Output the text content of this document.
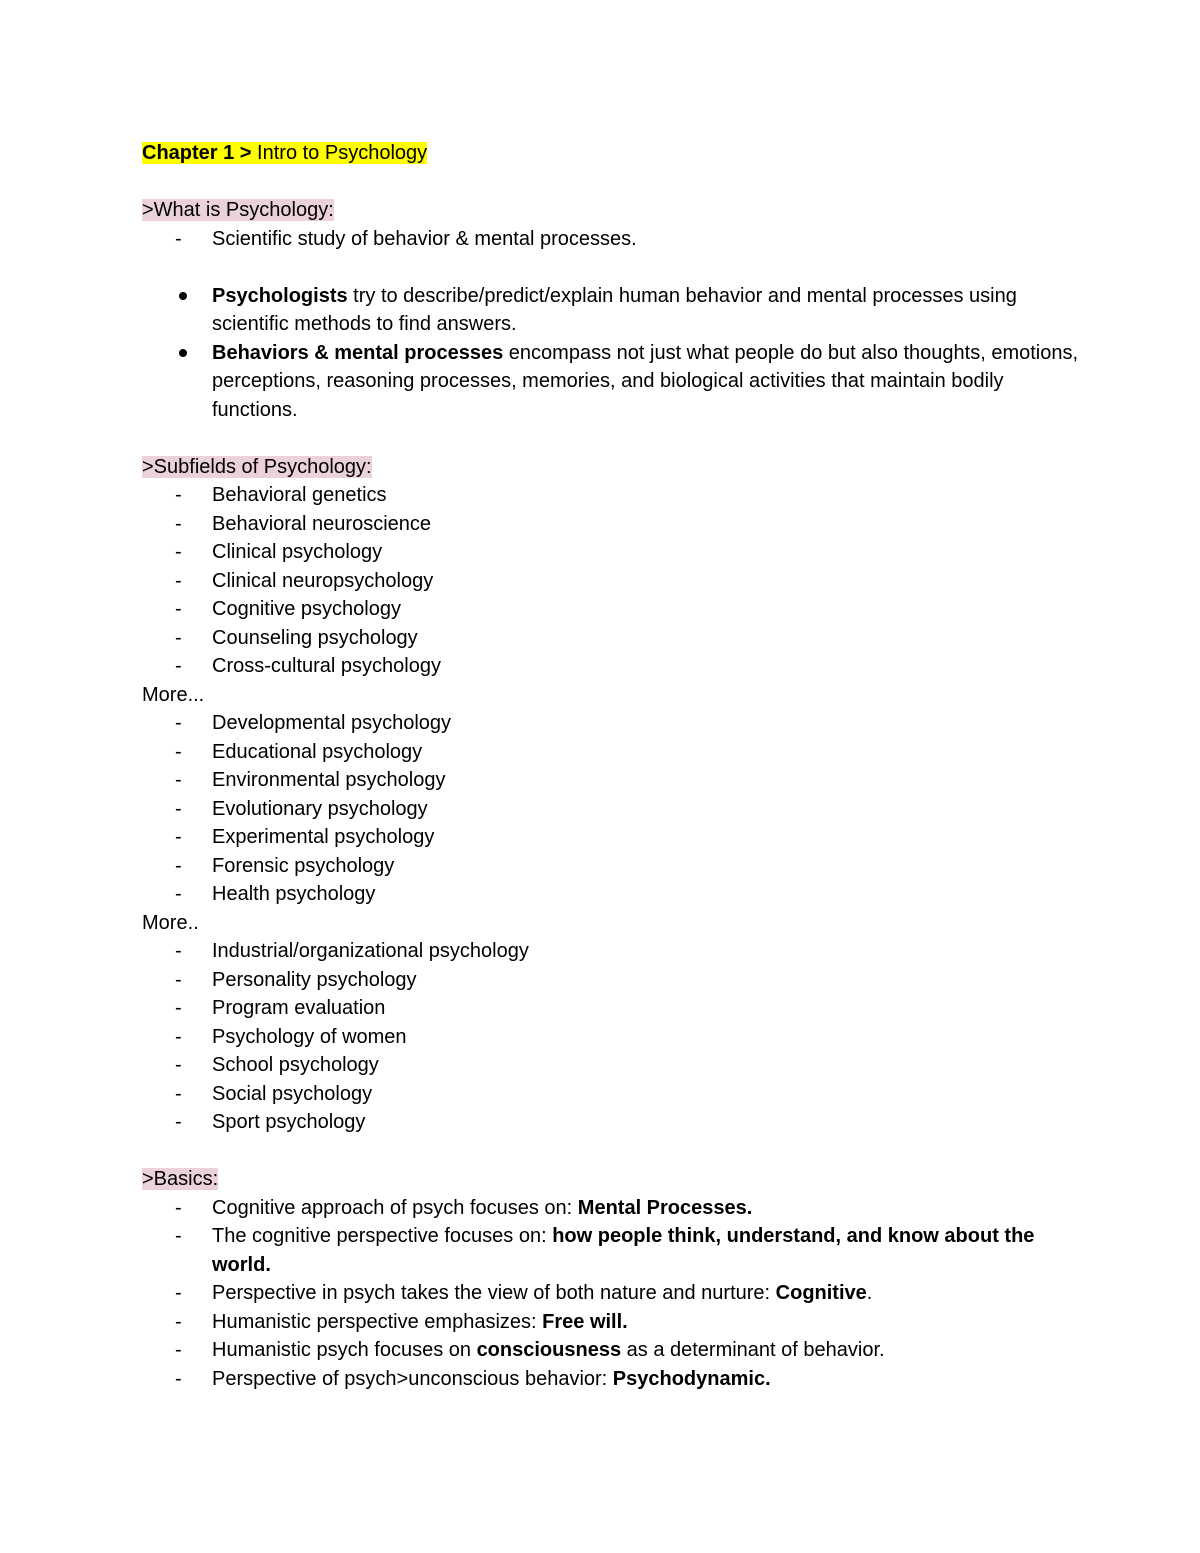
Chapter 1 > Intro to Psychology
>What is Psychology:
- Scientific study of behavior & mental processes.
Psychologists try to describe/predict/explain human behavior and mental processes using scientific methods to find answers.
Behaviors & mental processes encompass not just what people do but also thoughts, emotions, perceptions, reasoning processes, memories, and biological activities that maintain bodily functions.
>Subfields of Psychology:
- Behavioral genetics
- Behavioral neuroscience
- Clinical psychology
- Clinical neuropsychology
- Cognitive psychology
- Counseling psychology
- Cross-cultural psychology
More...
- Developmental psychology
- Educational psychology
- Environmental psychology
- Evolutionary psychology
- Experimental psychology
- Forensic psychology
- Health psychology
More..
- Industrial/organizational psychology
- Personality psychology
- Program evaluation
- Psychology of women
- School psychology
- Social psychology
- Sport psychology
>Basics:
- Cognitive approach of psych focuses on: Mental Processes.
- The cognitive perspective focuses on: how people think, understand, and know about the world.
- Perspective in psych takes the view of both nature and nurture: Cognitive.
- Humanistic perspective emphasizes: Free will.
- Humanistic psych focuses on consciousness as a determinant of behavior.
- Perspective of psych>unconscious behavior: Psychodynamic.
